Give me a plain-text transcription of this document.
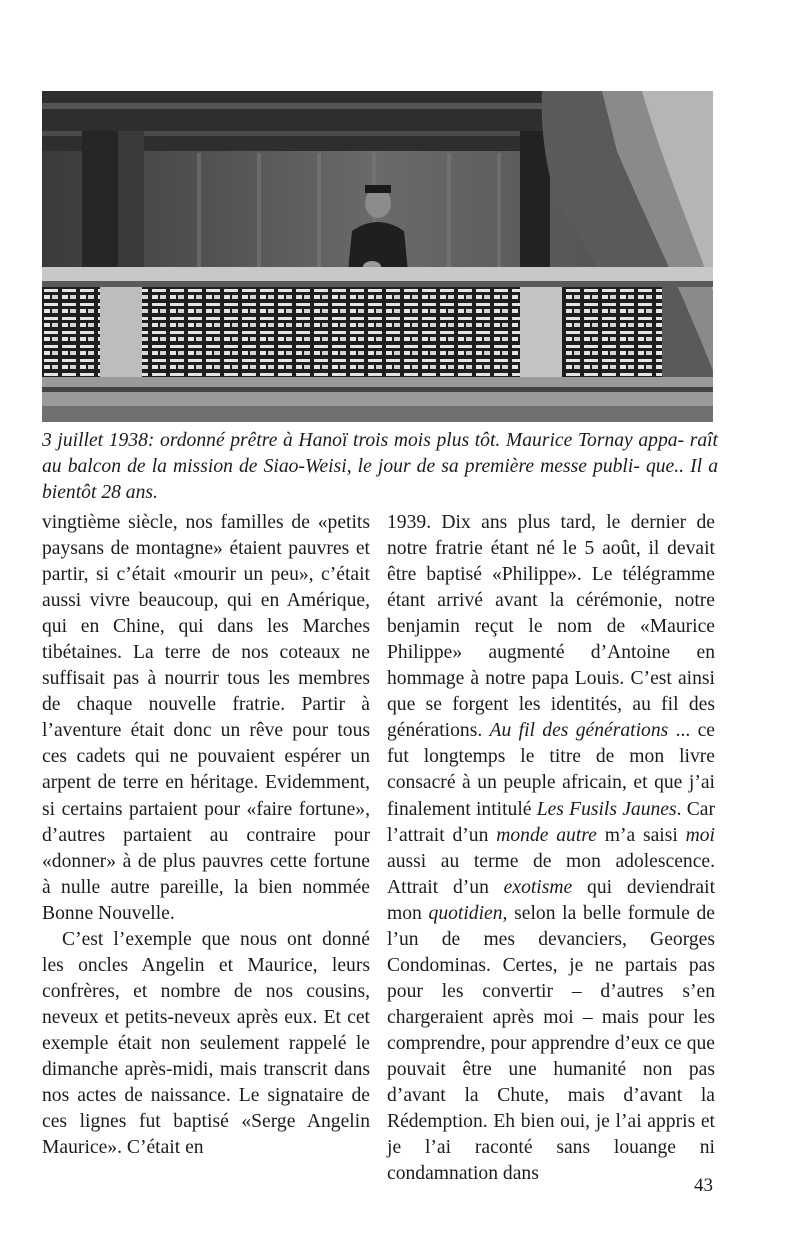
3 juillet 1938: ordonné prêtre à Hanoï trois mois plus tôt. Maurice Tornay appa- raît au balcon de la mission de Siao-Weisi, le jour de sa première messe publi- que.. Il a bientôt 28 ans.

vingtième siècle, nos familles de «petits paysans de montagne» étaient pauvres et partir, si c’était «mourir un peu», c’était aussi vivre beaucoup, qui en Amérique, qui en Chine, qui dans les Marches tibétaines. La terre de nos coteaux ne suffisait pas à nourrir tous les membres de chaque nouvelle fratrie. Partir à l’aventure était donc un rêve pour tous ces cadets qui ne pouvaient espérer un arpent de terre en héritage. Evidemment, si certains partaient pour «faire fortune», d’autres partaient au contraire pour «donner» à de plus pauvres cette fortune à nulle autre pareille, la bien nommée Bonne Nouvelle.

C’est l’exemple que nous ont donné les oncles Angelin et Maurice, leurs confrères, et nombre de nos cousins, neveux et petits-neveux après eux. Et cet exemple était non seulement rappelé le dimanche après-midi, mais transcrit dans nos actes de naissance. Le signataire de ces lignes fut baptisé «Serge Angelin Maurice». C’était en

1939. Dix ans plus tard, le dernier de notre fratrie étant né le 5 août, il devait être baptisé «Philippe». Le télégramme étant arrivé avant la cérémonie, notre benjamin reçut le nom de «Maurice Philippe» augmenté d’Antoine en hommage à notre papa Louis. C’est ainsi que se forgent les identités, au fil des générations. Au fil des générations ... ce fut longtemps le titre de mon livre consacré à un peuple africain, et que j’ai finalement intitulé Les Fusils Jaunes. Car l’attrait d’un monde autre m’a saisi moi aussi au terme de mon adolescence. Attrait d’un exotisme qui deviendrait mon quotidien, selon la belle formule de l’un de mes devanciers, Georges Condominas. Certes, je ne partais pas pour les convertir – d’autres s’en chargeraient après moi – mais pour les comprendre, pour apprendre d’eux ce que pouvait être une humanité non pas d’avant la Chute, mais d’avant la Rédemption. Eh bien oui, je l’ai appris et je l’ai raconté sans louange ni condamnation dans

43
